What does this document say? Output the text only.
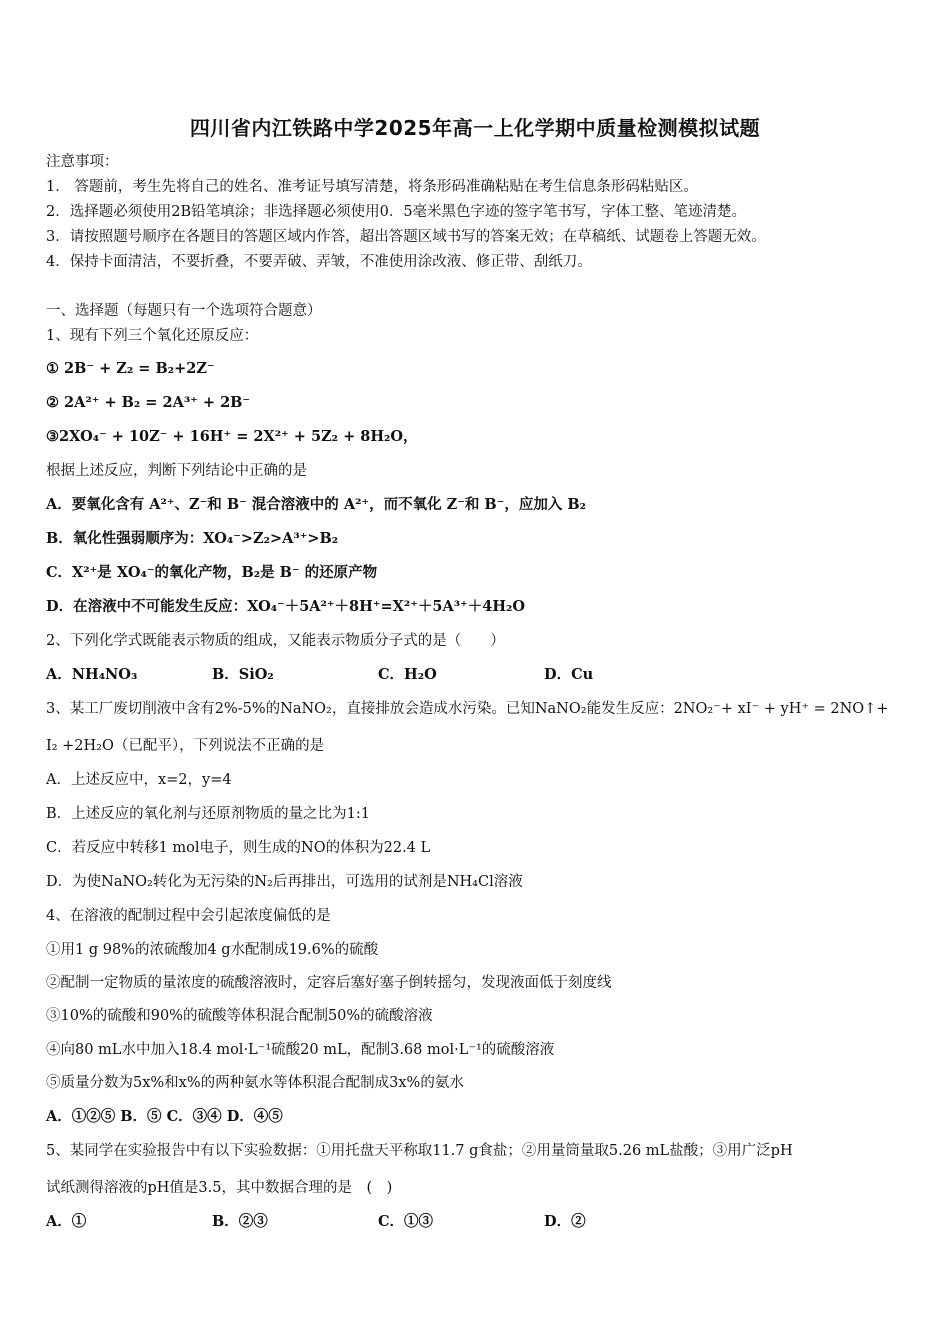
四川省内江铁路中学2025年高一上化学期中质量检测模拟试题
注意事项：
1． 答题前，考生先将自己的姓名、准考证号填写清楚，将条形码准确粘贴在考生信息条形码粘贴区。
2．选择题必须使用2B铅笔填涂；非选择题必须使用0．5毫米黑色字迹的签字笔书写，字体工整、笔迹清楚。
3．请按照题号顺序在各题目的答题区域内作答，超出答题区域书写的答案无效；在草稿纸、试题卷上答题无效。
4．保持卡面清洁，不要折叠，不要弄破、弄皱，不准使用涂改液、修正带、刮纸刀。
一、选择题（每题只有一个选项符合题意）
1、现有下列三个氧化还原反应：
① 2B⁻ + Z₂ = B₂+2Z⁻
② 2A²⁺ + B₂ = 2A³⁺ + 2B⁻
③2XO₄⁻ + 10Z⁻ + 16H⁺ = 2X²⁺ + 5Z₂ + 8H₂O，
根据上述反应，判断下列结论中正确的是
A．要氧化含有 A²⁺、Z⁻和 B⁻ 混合溶液中的 A²⁺，而不氧化 Z⁻和 B⁻，应加入 B₂
B．氧化性强弱顺序为：XO₄⁻>Z₂>A³⁺>B₂
C．X²⁺是 XO₄⁻的氧化产物，B₂是 B⁻ 的还原产物
D．在溶液中不可能发生反应：XO₄⁻＋5A²⁺＋8H⁺=X²⁺＋5A³⁺＋4H₂O
2、下列化学式既能表示物质的组成，又能表示物质分子式的是（　　）
A．NH₄NO₃	B．SiO₂	C．H₂O	D．Cu
3、某工厂废切削液中含有2%-5%的NaNO₂，直接排放会造成水污染。已知NaNO₂能发生反应：2NO₂⁻+ xI⁻ + yH⁺ = 2NO↑+
I₂ +2H₂O（已配平），下列说法不正确的是
A．上述反应中，x=2，y=4
B．上述反应的氧化剂与还原剂物质的量之比为1:1
C．若反应中转移1 mol电子，则生成的NO的体积为22.4 L
D．为使NaNO₂转化为无污染的N₂后再排出，可选用的试剂是NH₄Cl溶液
4、在溶液的配制过程中会引起浓度偏低的是
①用1 g 98%的浓硫酸加4 g水配制成19.6%的硫酸
②配制一定物质的量浓度的硫酸溶液时，定容后塞好塞子倒转摇匀，发现液面低于刻度线
③10%的硫酸和90%的硫酸等体积混合配制50%的硫酸溶液
④向80 mL水中加入18.4 mol·L⁻¹硫酸20 mL，配制3.68 mol·L⁻¹的硫酸溶液
⑤质量分数为5x%和x%的两种氨水等体积混合配制成3x%的氨水
A．①②⑤ B．⑤ C．③④ D．④⑤
5、某同学在实验报告中有以下实验数据：①用托盘天平称取11.7 g食盐；②用量筒量取5.26 mL盐酸；③用广泛pH
试纸测得溶液的pH值是3.5，其中数据合理的是　(　)
A．①	B．②③	C．①③	D．②
